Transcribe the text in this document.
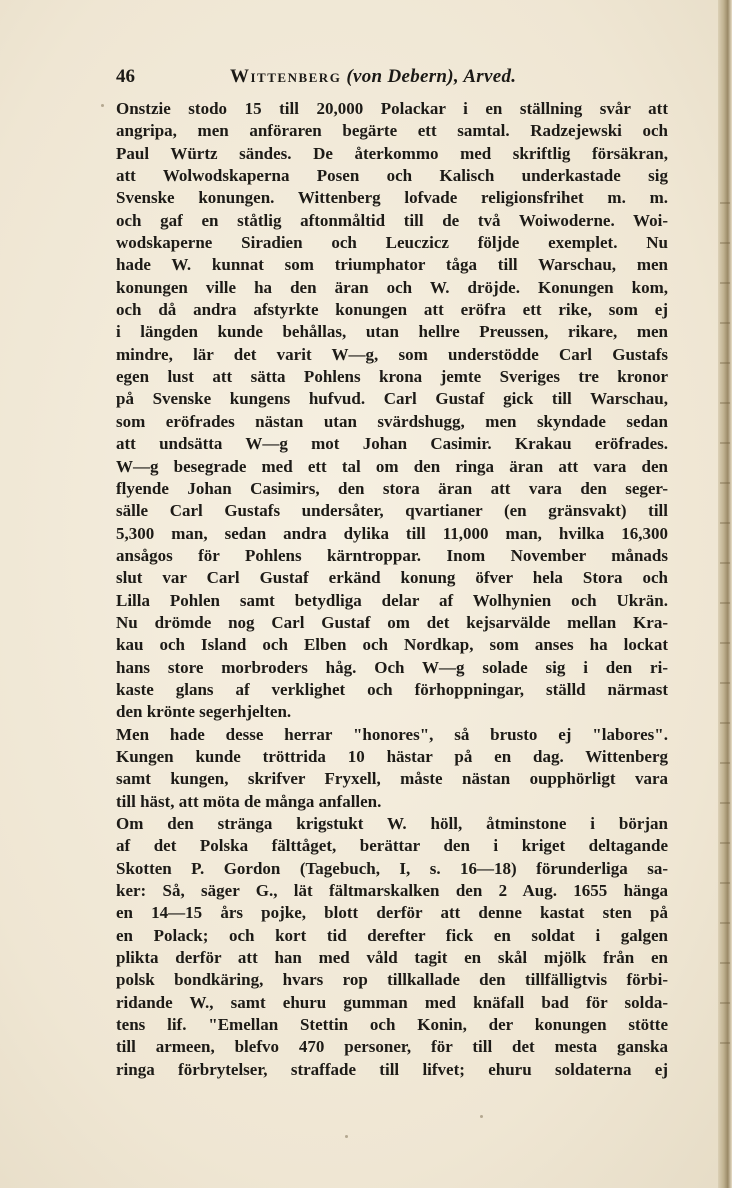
46	Wittenberg (von Debern), Arved.
Onstzie stodo 15 till 20,000 Polackar i en ställning svår att
angripa, men anföraren begärte ett samtal. Radzejewski och
Paul Würtz sändes. De återkommo med skriftlig försäkran,
att Wolwodskaperna Posen och Kalisch underkastade sig
Svenske konungen. Wittenberg lofvade religionsfrihet m. m.
och gaf en ståtlig aftonmåltid till de två Woiwoderne. Woi-
wodskaperne Siradien och Leuczicz följde exemplet. Nu
hade W. kunnat som triumphator tåga till Warschau, men
konungen ville ha den äran och W. dröjde. Konungen kom,
och då andra afstyrkte konungen att eröfra ett rike, som ej
i längden kunde behållas, utan hellre Preussen, rikare, men
mindre, lär det varit W—g, som understödde Carl Gustafs
egen lust att sätta Pohlens krona jemte Sveriges tre kronor
på Svenske kungens hufvud. Carl Gustaf gick till Warschau,
som eröfrades nästan utan svärdshugg, men skyndade sedan
att undsätta W—g mot Johan Casimir. Krakau eröfrades.
W—g besegrade med ett tal om den ringa äran att vara den
flyende Johan Casimirs, den stora äran att vara den seger-
sälle Carl Gustafs undersåter, qvartianer (en gränsvakt) till
5,300 man, sedan andra dylika till 11,000 man, hvilka 16,300
ansågos för Pohlens kärntroppar. Inom November månads
slut var Carl Gustaf erkänd konung öfver hela Stora och
Lilla Pohlen samt betydliga delar af Wolhynien och Ukrän.
Nu drömde nog Carl Gustaf om det kejsarvälde mellan Kra-
kau och Island och Elben och Nordkap, som anses ha lockat
hans store morbroders håg. Och W—g solade sig i den ri-
kaste glans af verklighet och förhoppningar, ställd närmast
den krönte segerhjelten.
Men hade desse herrar "honores", så brusto ej "labores".
Kungen kunde tröttrida 10 hästar på en dag. Wittenberg
samt kungen, skrifver Fryxell, måste nästan oupphörligt vara
till häst, att möta de många anfallen.
Om den stränga krigstukt W. höll, åtminstone i början
af det Polska fälttåget, berättar den i kriget deltagande
Skotten P. Gordon (Tagebuch, I, s. 16—18) förunderliga sa-
ker: Så, säger G., lät fältmarskalken den 2 Aug. 1655 hänga
en 14—15 års pojke, blott derför att denne kastat sten på
en Polack; och kort tid derefter fick en soldat i galgen
plikta derför att han med våld tagit en skål mjölk från en
polsk bondkäring, hvars rop tillkallade den tillfälligtvis förbi-
ridande W., samt ehuru gumman med knäfall bad för solda-
tens lif. "Emellan Stettin och Konin, der konungen stötte
till armeen, blefvo 470 personer, för till det mesta ganska
ringa förbrytelser, straffade till lifvet; ehuru soldaterna ej
